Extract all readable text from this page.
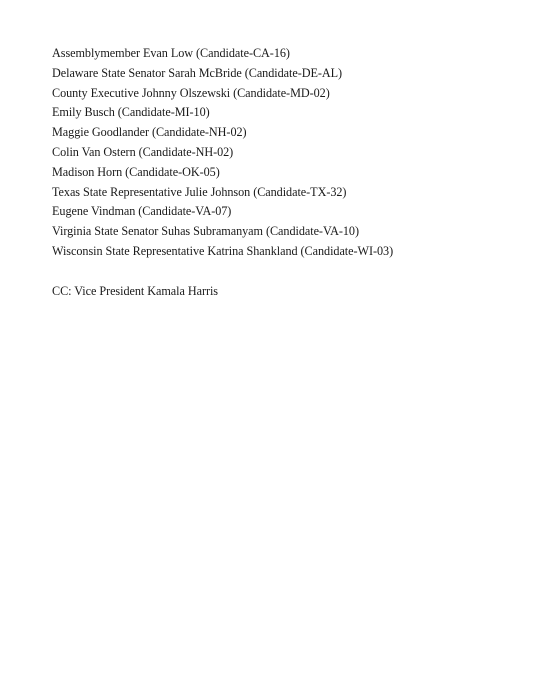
Assemblymember Evan Low (Candidate-CA-16)
Delaware State Senator Sarah McBride (Candidate-DE-AL)
County Executive Johnny Olszewski (Candidate-MD-02)
Emily Busch (Candidate-MI-10)
Maggie Goodlander (Candidate-NH-02)
Colin Van Ostern (Candidate-NH-02)
Madison Horn (Candidate-OK-05)
Texas State Representative Julie Johnson (Candidate-TX-32)
Eugene Vindman (Candidate-VA-07)
Virginia State Senator Suhas Subramanyam (Candidate-VA-10)
Wisconsin State Representative Katrina Shankland (Candidate-WI-03)

CC: Vice President Kamala Harris
